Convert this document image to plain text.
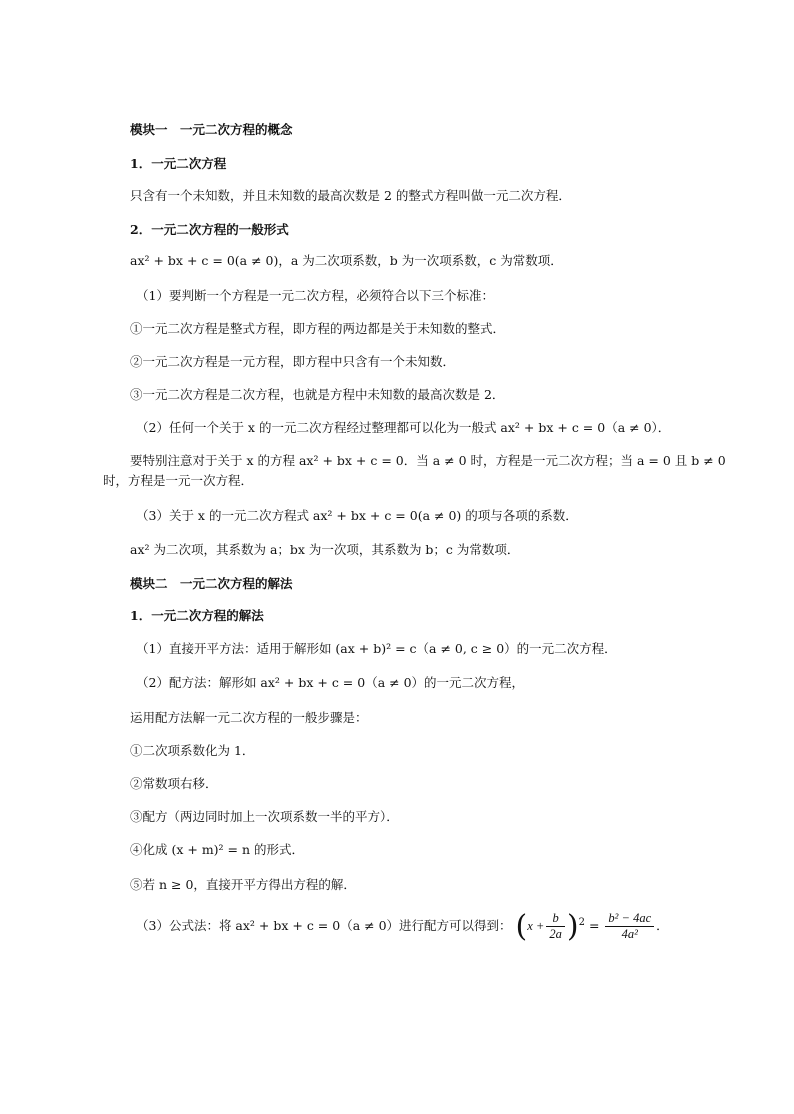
模块一　一元二次方程的概念
1．一元二次方程
只含有一个未知数，并且未知数的最高次数是 2 的整式方程叫做一元二次方程．
2．一元二次方程的一般形式
ax² + bx + c = 0(a ≠ 0)，a 为二次项系数，b 为一次项系数，c 为常数项．
（1）要判断一个方程是一元二次方程，必须符合以下三个标准：
①一元二次方程是整式方程，即方程的两边都是关于未知数的整式．
②一元二次方程是一元方程，即方程中只含有一个未知数．
③一元二次方程是二次方程，也就是方程中未知数的最高次数是 2．
（2）任何一个关于 x 的一元二次方程经过整理都可以化为一般式 ax² + bx + c = 0（a ≠ 0）．
要特别注意对于关于 x 的方程 ax² + bx + c = 0．当 a ≠ 0 时，方程是一元二次方程；当 a = 0 且 b ≠ 0
时，方程是一元一次方程．
（3）关于 x 的一元二次方程式 ax² + bx + c = 0(a ≠ 0) 的项与各项的系数．
ax² 为二次项，其系数为 a；bx 为一次项，其系数为 b；c 为常数项．
模块二　一元二次方程的解法
1．一元二次方程的解法
（1）直接开平方法：适用于解形如 (ax + b)² = c（a ≠ 0, c ≥ 0）的一元二次方程．
（2）配方法：解形如 ax² + bx + c = 0（a ≠ 0）的一元二次方程，
运用配方法解一元二次方程的一般步骤是：
①二次项系数化为 1．
②常数项右移．
③配方（两边同时加上一次项系数一半的平方）．
④化成 (x + m)² = n 的形式．
⑤若 n ≥ 0，直接开平方得出方程的解．
（3）公式法：将 ax² + bx + c = 0（a ≠ 0）进行配方可以得到： $(x + \frac{b}{2a} )^2 = \frac{\text{b² − 4ac}}{\text{4a²}}$ ．
